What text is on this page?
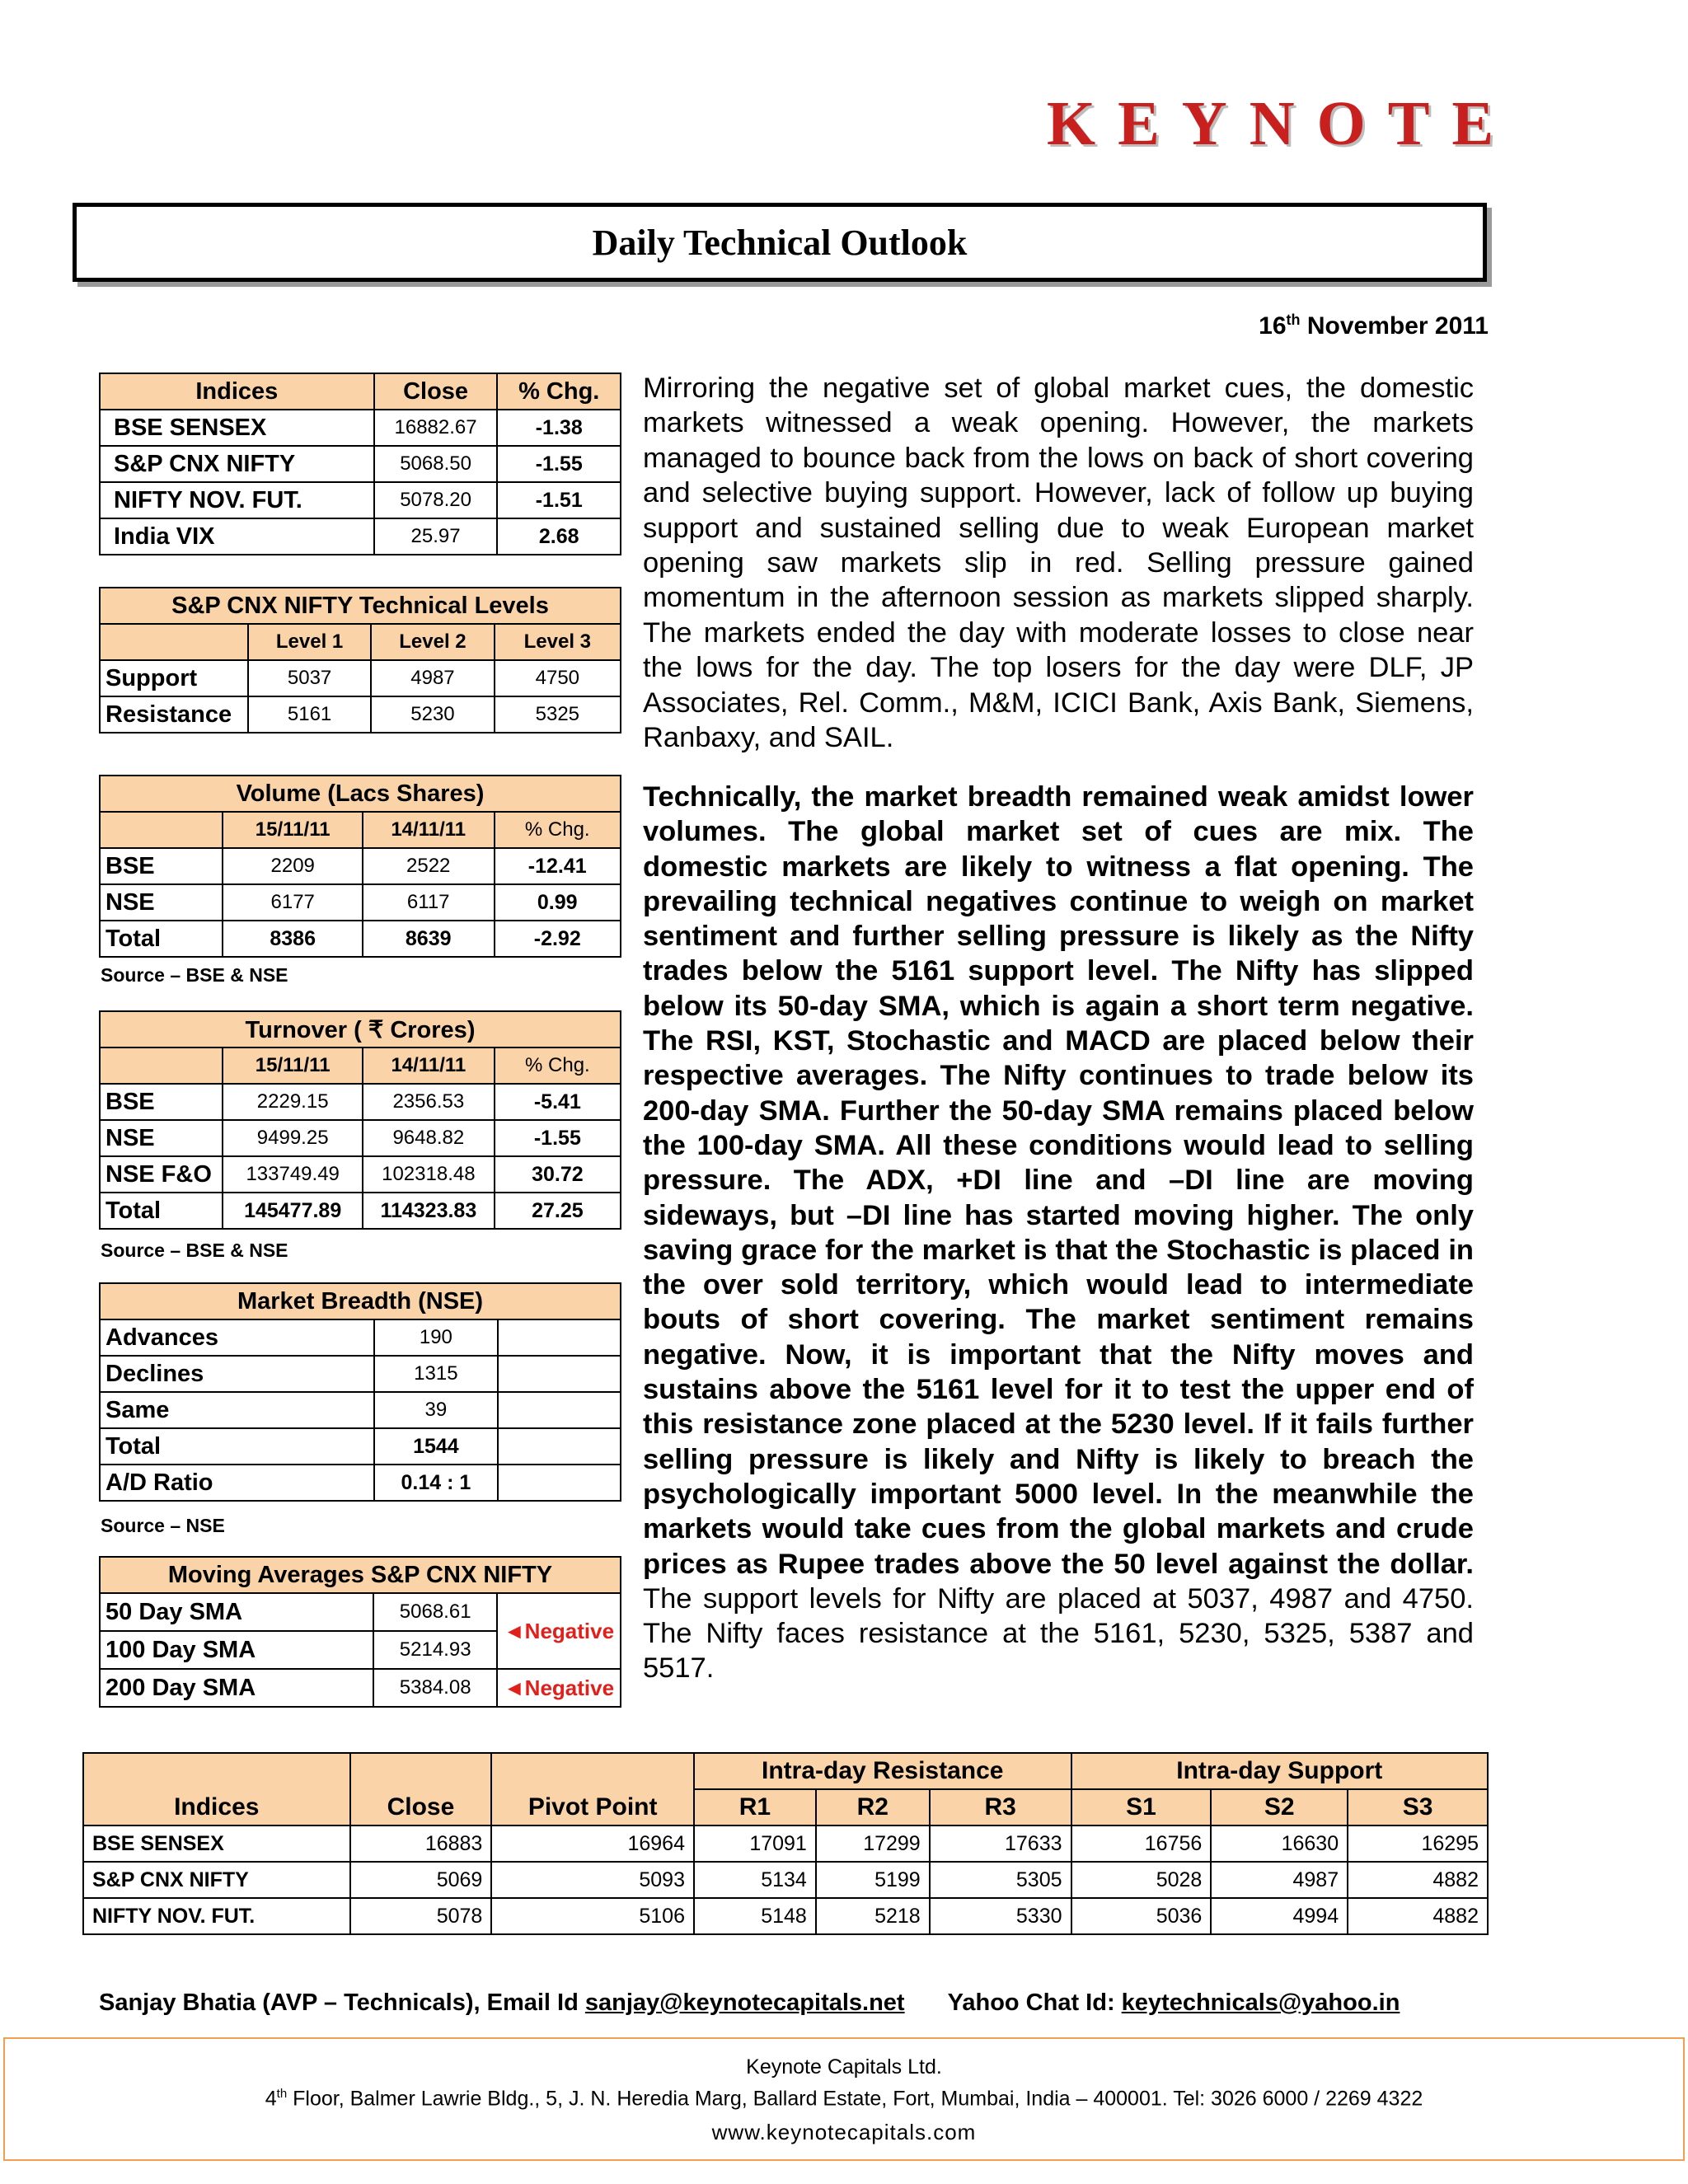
KEYNOTE
Daily Technical Outlook
16th November 2011
Indices	Close	% Chg.
BSE SENSEX	16882.67	-1.38
S&P CNX NIFTY	5068.50	-1.55
NIFTY NOV. FUT.	5078.20	-1.51
India VIX	25.97	2.68
S&P CNX NIFTY Technical Levels			
	Level 1	Level 2	Level 3
Support	5037	4987	4750
Resistance	5161	5230	5325
Volume (Lacs Shares)			
	15/11/11	14/11/11	% Chg.
BSE	2209	2522	-12.41
NSE	6177	6117	0.99
Total	8386	8639	-2.92
Source – BSE & NSE
Turnover ( ₹ Crores)			
	15/11/11	14/11/11	% Chg.
BSE	2229.15	2356.53	-5.41
NSE	9499.25	9648.82	-1.55
NSE F&O	133749.49	102318.48	30.72
Total	145477.89	114323.83	27.25
Source – BSE & NSE
Market Breadth (NSE)		
Advances	190	
Declines	1315	
Same	39	
Total	1544	
A/D Ratio	0.14 : 1	
Source – NSE
Moving Averages S&P CNX NIFTY		
50 Day SMA	5068.61	◄Negative
100 Day SMA	5214.93	
200 Day SMA	5384.08	◄Negative
Mirroring the negative set of global market cues, the domestic markets witnessed a weak opening. However, the markets managed to bounce back from the lows on back of short covering and selective buying support. However, lack of follow up buying support and sustained selling due to weak European market opening saw markets slip in red. Selling pressure gained momentum in the afternoon session as markets slipped sharply. The markets ended the day with moderate losses to close near the lows for the day. The top losers for the day were DLF, JP Associates, Rel. Comm., M&M, ICICI Bank, Axis Bank, Siemens, Ranbaxy, and SAIL.
Technically, the market breadth remained weak amidst lower volumes. The global market set of cues are mix. The domestic markets are likely to witness a flat opening. The prevailing technical negatives continue to weigh on market sentiment and further selling pressure is likely as the Nifty trades below the 5161 support level. The Nifty has slipped below its 50-day SMA, which is again a short term negative. The RSI, KST, Stochastic and MACD are placed below their respective averages. The Nifty continues to trade below its 200-day SMA. Further the 50-day SMA remains placed below the 100-day SMA. All these conditions would lead to selling pressure. The ADX, +DI line and –DI line are moving sideways, but –DI line has started moving higher. The only saving grace for the market is that the Stochastic is placed in the over sold territory, which would lead to intermediate bouts of short covering. The market sentiment remains negative. Now, it is important that the Nifty moves and sustains above the 5161 level for it to test the upper end of this resistance zone placed at the 5230 level. If it fails further selling pressure is likely and Nifty is likely to breach the psychologically important 5000 level. In the meanwhile the markets would take cues from the global markets and crude prices as Rupee trades above the 50 level against the dollar. The support levels for Nifty are placed at 5037, 4987 and 4750. The Nifty faces resistance at the 5161, 5230, 5325, 5387 and 5517.
Indices	Close	Pivot Point	Intra-day Resistance			Intra-day Support		
			R1	R2	R3	S1	S2	S3
BSE SENSEX	16883	16964	17091	17299	17633	16756	16630	16295
S&P CNX NIFTY	5069	5093	5134	5199	5305	5028	4987	4882
NIFTY NOV. FUT.	5078	5106	5148	5218	5330	5036	4994	4882
Sanjay Bhatia (AVP – Technicals), Email Id sanjay@keynotecapitals.net Yahoo Chat Id: keytechnicals@yahoo.in
Keynote Capitals Ltd.
4th Floor, Balmer Lawrie Bldg., 5, J. N. Heredia Marg, Ballard Estate, Fort, Mumbai, India – 400001. Tel: 3026 6000 / 2269 4322
www.keynotecapitals.com
